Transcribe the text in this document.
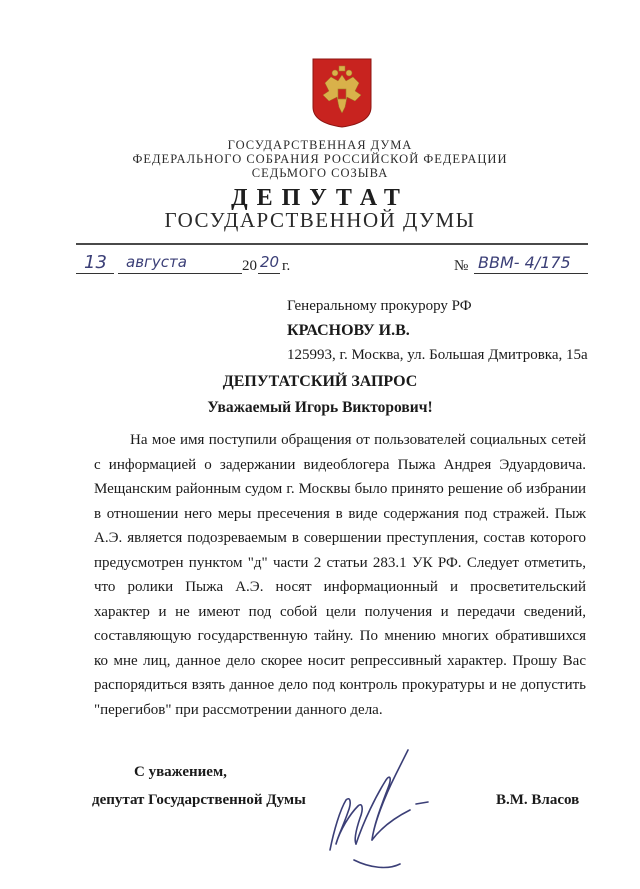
ГОСУДАРСТВЕННАЯ ДУМА
ФЕДЕРАЛЬНОГО СОБРАНИЯ РОССИЙСКОЙ ФЕДЕРАЦИИ
СЕДЬМОГО СОЗЫВА
ДЕПУТАТ
ГОСУДАРСТВЕННОЙ ДУМЫ
13 августа	20 20 г.	№ ВВМ- 4/175
Генеральному прокурору РФ
КРАСНОВУ И.В.
125993, г. Москва, ул. Большая Дмитровка, 15а
ДЕПУТАТСКИЙ ЗАПРОС
Уважаемый Игорь Викторович!
На мое имя поступили обращения от пользователей социальных сетей с информацией о задержании видеоблогера Пыжа Андрея Эдуардовича. Мещанским районным судом г. Москвы было принято решение об избрании в отношении него меры пресечения в виде содержания под стражей. Пыж А.Э. является подозреваемым в совершении преступления, состав которого предусмотрен пунктом "д" части 2 статьи 283.1 УК РФ. Следует отметить, что ролики Пыжа А.Э. носят информационный и просветительский характер и не имеют под собой цели получения и передачи сведений, составляющую государственную тайну. По мнению многих обратившихся ко мне лиц, данное дело скорее носит репрессивный характер. Прошу Вас распорядиться взять данное дело под контроль прокуратуры и не допустить "перегибов" при рассмотрении данного дела.
С уважением,
депутат Государственной Думы	В.М. Власов
